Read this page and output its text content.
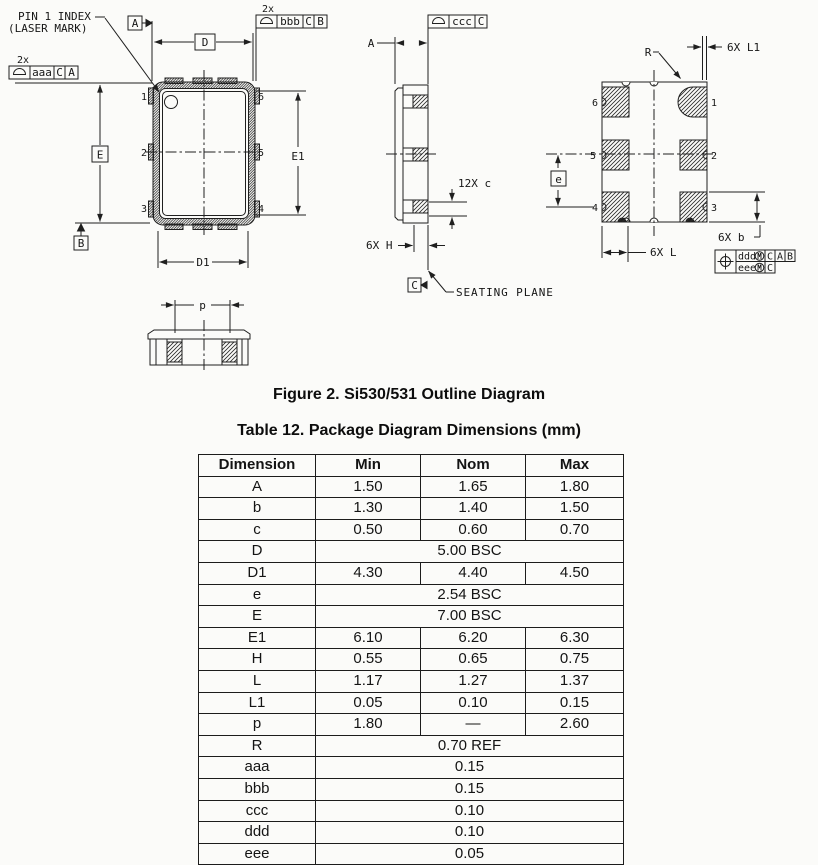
1
2
3
6
5
4
PIN 1 INDEX
(LASER MARK)
D
A
E
B
E1
D1
2x
aaa C A
2x
bbb C B
A
ccc C
12X c
6X H
C
SEATING PLANE
6
5
4
1
2
3
R	6X L1
e
6X L
6X b
ddd M C A B
eee M C
p
Figure 2. Si530/531 Outline Diagram
Table 12. Package Diagram Dimensions (mm)
Dimension	Min	Nom	Max
A	1.50	1.65	1.80
b	1.30	1.40	1.50
c	0.50	0.60	0.70
D	5.00 BSC		
D1	4.30	4.40	4.50
e	2.54 BSC		
E	7.00 BSC		
E1	6.10	6.20	6.30
H	0.55	0.65	0.75
L	1.17	1.27	1.37
L1	0.05	0.10	0.15
p	1.80	—	2.60
R	0.70 REF		
aaa	0.15		
bbb	0.15		
ccc	0.10		
ddd	0.10		
eee	0.05		
